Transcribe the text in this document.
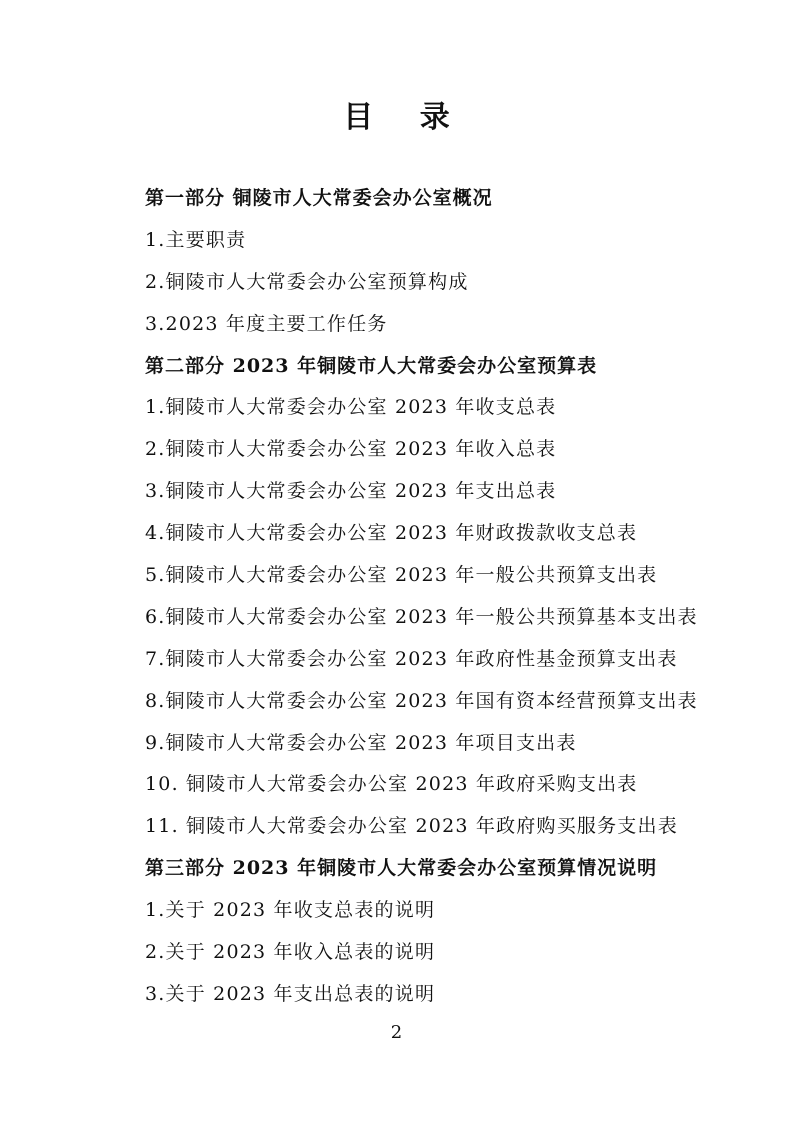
目 录
第一部分 铜陵市人大常委会办公室概况
1.主要职责
2.铜陵市人大常委会办公室预算构成
3.2023 年度主要工作任务
第二部分 2023 年铜陵市人大常委会办公室预算表
1.铜陵市人大常委会办公室 2023 年收支总表
2.铜陵市人大常委会办公室 2023 年收入总表
3.铜陵市人大常委会办公室 2023 年支出总表
4.铜陵市人大常委会办公室 2023 年财政拨款收支总表
5.铜陵市人大常委会办公室 2023 年一般公共预算支出表
6.铜陵市人大常委会办公室 2023 年一般公共预算基本支出表
7.铜陵市人大常委会办公室 2023 年政府性基金预算支出表
8.铜陵市人大常委会办公室 2023 年国有资本经营预算支出表
9.铜陵市人大常委会办公室 2023 年项目支出表
10. 铜陵市人大常委会办公室 2023 年政府采购支出表
11. 铜陵市人大常委会办公室 2023 年政府购买服务支出表
第三部分 2023 年铜陵市人大常委会办公室预算情况说明
1.关于 2023 年收支总表的说明
2.关于 2023 年收入总表的说明
3.关于 2023 年支出总表的说明
2
